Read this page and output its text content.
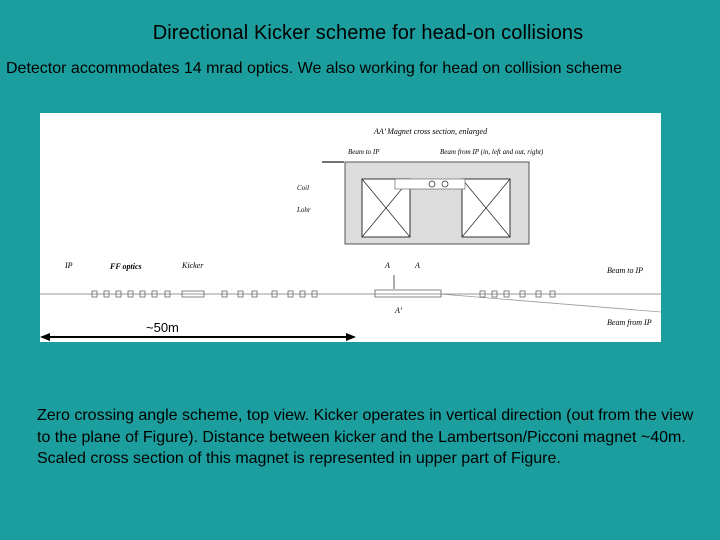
Directional Kicker scheme for head-on collisions
Detector accommodates 14 mrad optics. We also working for head on collision scheme
AA’ Magnet cross section, enlarged
Beam to IP	Beam from IP (in, left and out, right)
Coil
Lohr
IP	FF optics	Kicker	A	A
A’
Beam to IP
Beam from IP
~50m
Zero crossing angle scheme, top view. Kicker operates in vertical direction (out from the view to the plane of Figure). Distance between kicker and the Lambertson/Picconi magnet ~40m. Scaled cross section of this magnet is represented in upper part of Figure.
